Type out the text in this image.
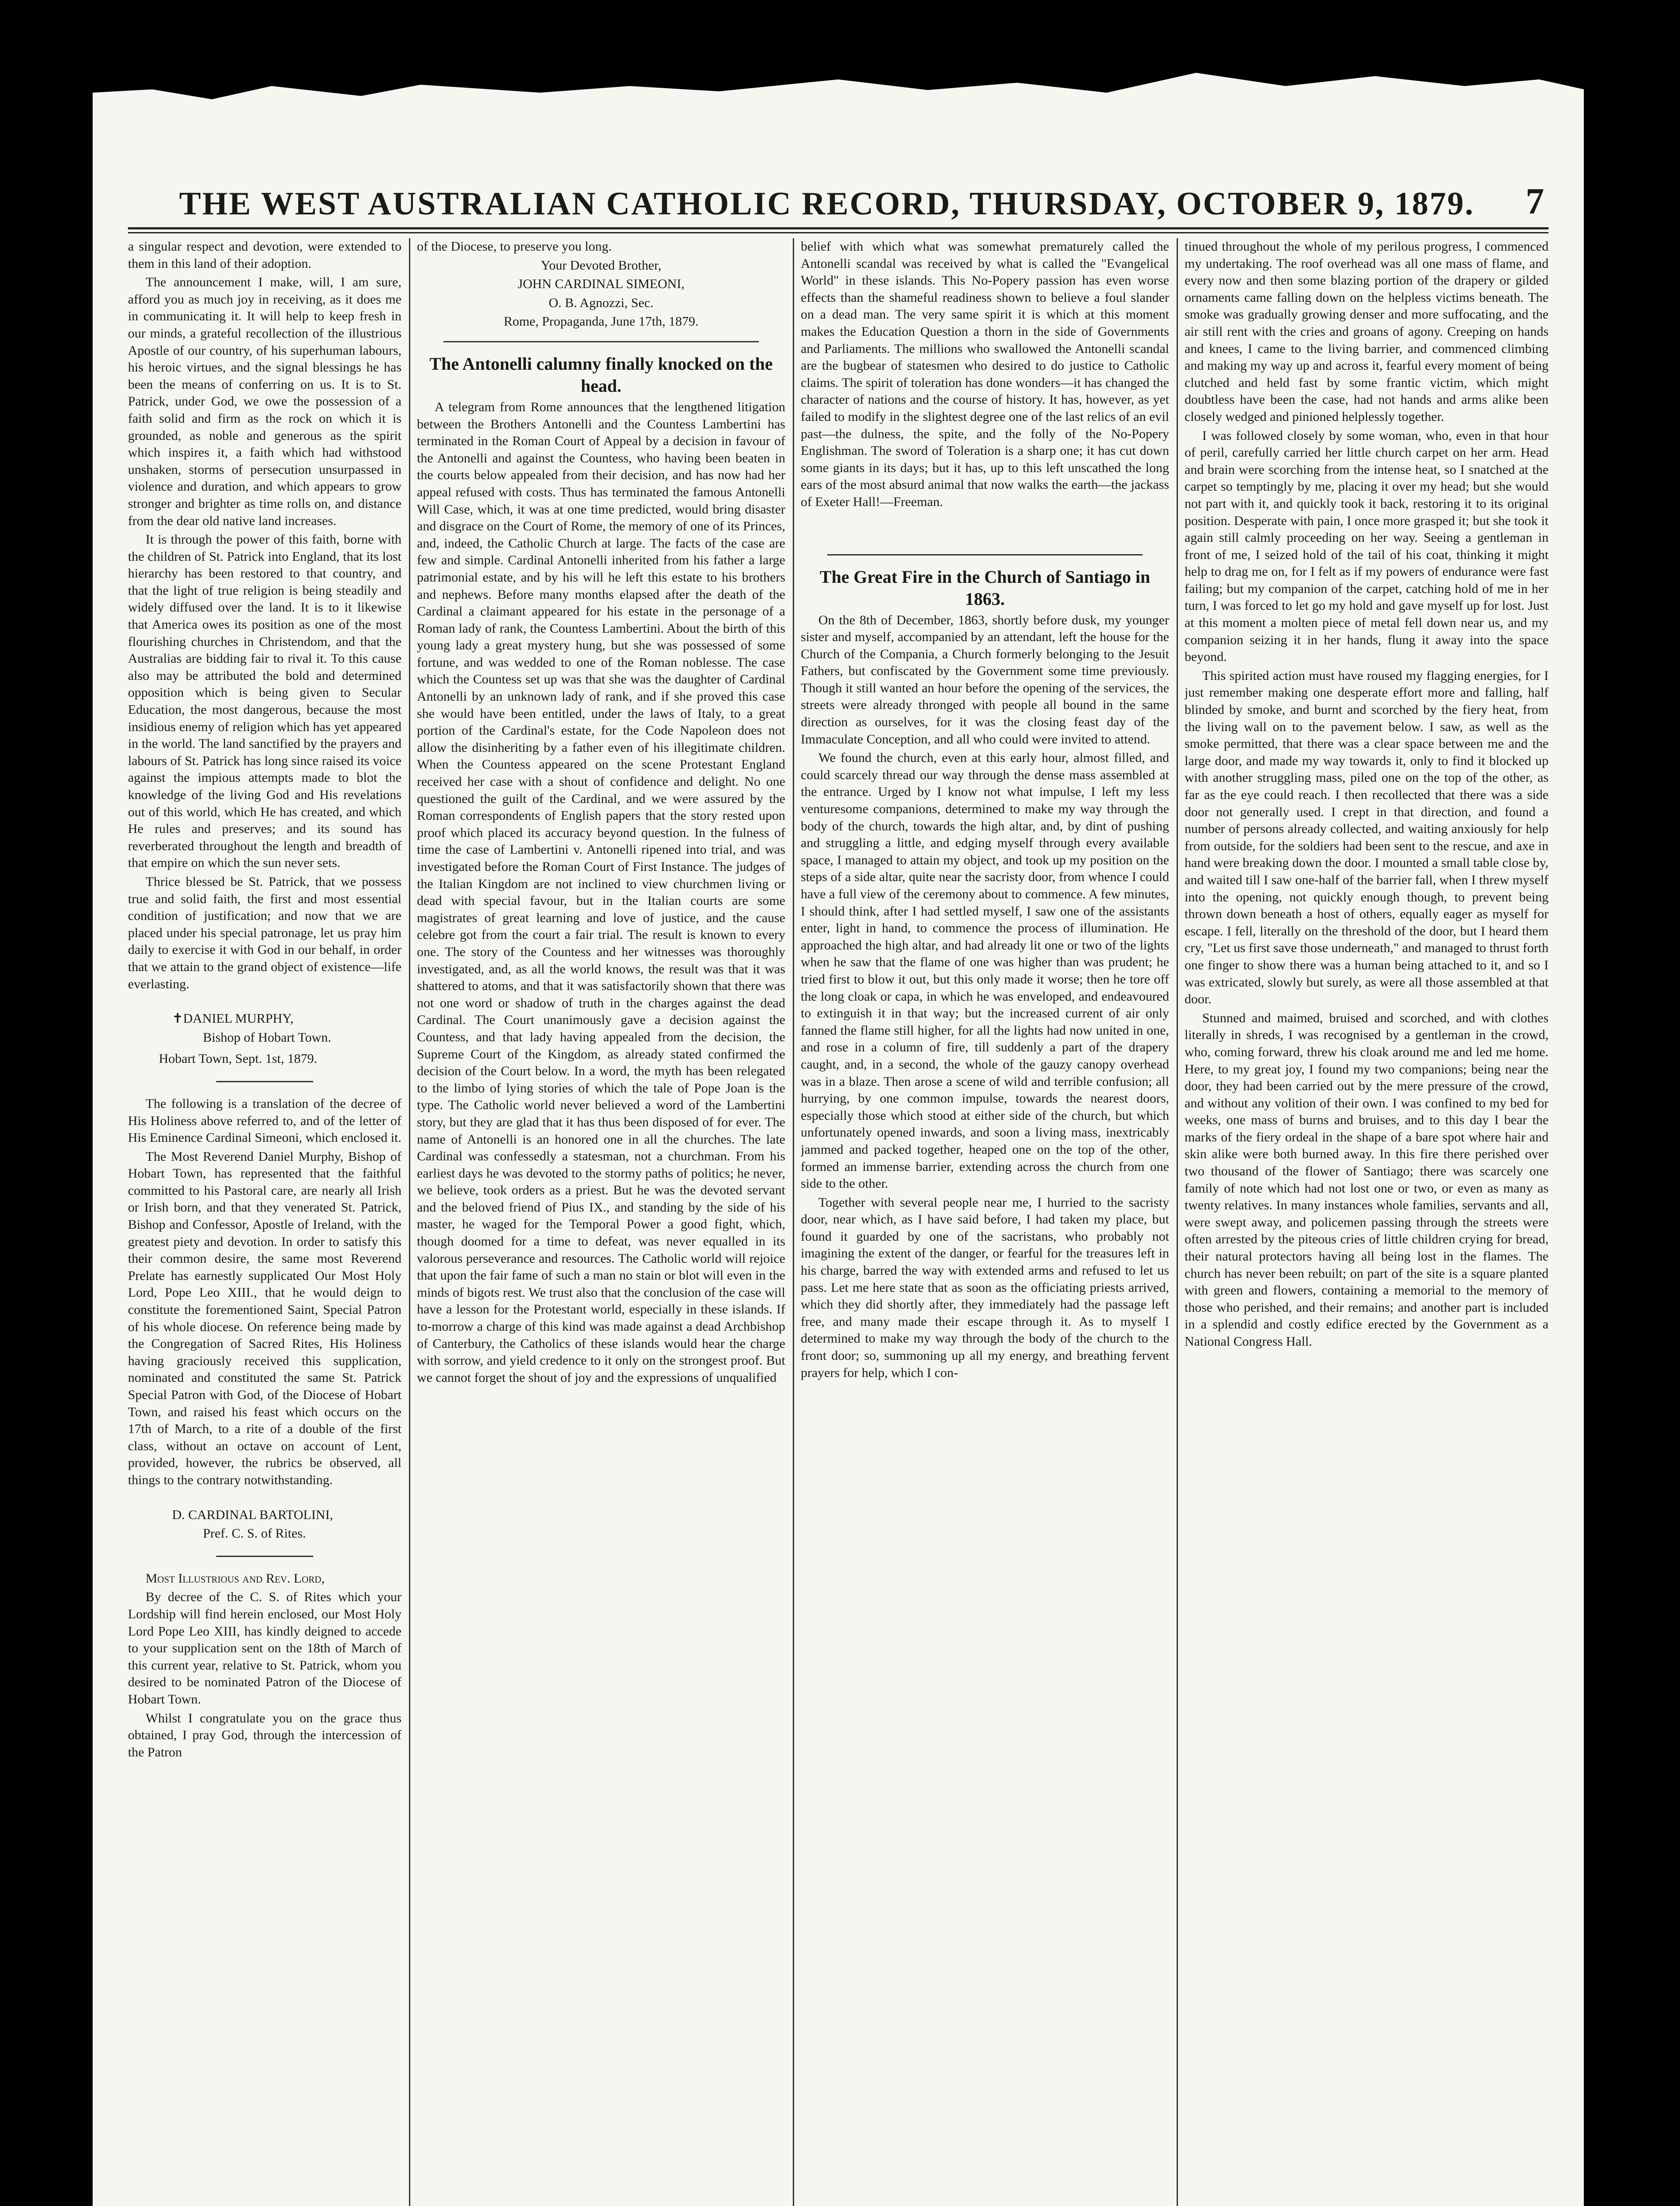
THE WEST AUSTRALIAN CATHOLIC RECORD, THURSDAY, OCTOBER 9, 1879.	7

a singular respect and devotion, were extended to them in this land of their adoption.

The announcement I make, will, I am sure, afford you as much joy in receiving, as it does me in communicating it. It will help to keep fresh in our minds, a grateful recollection of the illustrious Apostle of our country, of his superhuman labours, his heroic virtues, and the signal blessings he has been the means of conferring on us. It is to St. Patrick, under God, we owe the possession of a faith solid and firm as the rock on which it is grounded, as noble and generous as the spirit which inspires it, a faith which had withstood unshaken, storms of persecution unsurpassed in violence and duration, and which appears to grow stronger and brighter as time rolls on, and distance from the dear old native land increases.

It is through the power of this faith, borne with the children of St. Patrick into England, that its lost hierarchy has been restored to that country, and that the light of true religion is being steadily and widely diffused over the land. It is to it likewise that America owes its position as one of the most flourishing churches in Christendom, and that the Australias are bidding fair to rival it. To this cause also may be attributed the bold and determined opposition which is being given to Secular Education, the most dangerous, because the most insidious enemy of religion which has yet appeared in the world. The land sanctified by the prayers and labours of St. Patrick has long since raised its voice against the impious attempts made to blot the knowledge of the living God and His revelations out of this world, which He has created, and which He rules and preserves; and its sound has reverberated throughout the length and breadth of that empire on which the sun never sets.

Thrice blessed be St. Patrick, that we possess true and solid faith, the first and most essential condition of justification; and now that we are placed under his special patronage, let us pray him daily to exercise it with God in our behalf, in order that we attain to the grand object of existence—life everlasting.

✝DANIEL MURPHY,

Bishop of Hobart Town.

Hobart Town, Sept. 1st, 1879.

The following is a translation of the decree of His Holiness above referred to, and of the letter of His Eminence Cardinal Simeoni, which enclosed it.

The Most Reverend Daniel Murphy, Bishop of Hobart Town, has represented that the faithful committed to his Pastoral care, are nearly all Irish or Irish born, and that they venerated St. Patrick, Bishop and Confessor, Apostle of Ireland, with the greatest piety and devotion. In order to satisfy this their common desire, the same most Reverend Prelate has earnestly supplicated Our Most Holy Lord, Pope Leo XIII., that he would deign to constitute the forementioned Saint, Special Patron of his whole diocese. On reference being made by the Congregation of Sacred Rites, His Holiness having graciously received this supplication, nominated and constituted the same St. Patrick Special Patron with God, of the Diocese of Hobart Town, and raised his feast which occurs on the 17th of March, to a rite of a double of the first class, without an octave on account of Lent, provided, however, the rubrics be observed, all things to the contrary notwithstanding.

D. CARDINAL BARTOLINI,

Pref. C. S. of Rites.

Most Illustrious and Rev. Lord,

By decree of the C. S. of Rites which your Lordship will find herein enclosed, our Most Holy Lord Pope Leo XIII, has kindly deigned to accede to your supplication sent on the 18th of March of this current year, relative to St. Patrick, whom you desired to be nominated Patron of the Diocese of Hobart Town.

Whilst I congratulate you on the grace thus obtained, I pray God, through the intercession of the Patron

of the Diocese, to preserve you long.

Your Devoted Brother,

JOHN CARDINAL SIMEONI,

O. B. Agnozzi, Sec.

Rome, Propaganda, June 17th, 1879.

The Antonelli calumny finally knocked on the head.

A telegram from Rome announces that the lengthened litigation between the Brothers Antonelli and the Countess Lambertini has terminated in the Roman Court of Appeal by a decision in favour of the Antonelli and against the Countess, who having been beaten in the courts below appealed from their decision, and has now had her appeal refused with costs. Thus has terminated the famous Antonelli Will Case, which, it was at one time predicted, would bring disaster and disgrace on the Court of Rome, the memory of one of its Princes, and, indeed, the Catholic Church at large. The facts of the case are few and simple. Cardinal Antonelli inherited from his father a large patrimonial estate, and by his will he left this estate to his brothers and nephews. Before many months elapsed after the death of the Cardinal a claimant appeared for his estate in the personage of a Roman lady of rank, the Countess Lambertini. About the birth of this young lady a great mystery hung, but she was possessed of some fortune, and was wedded to one of the Roman noblesse. The case which the Countess set up was that she was the daughter of Cardinal Antonelli by an unknown lady of rank, and if she proved this case she would have been entitled, under the laws of Italy, to a great portion of the Cardinal's estate, for the Code Napoleon does not allow the disinheriting by a father even of his illegitimate children. When the Countess appeared on the scene Protestant England received her case with a shout of confidence and delight. No one questioned the guilt of the Cardinal, and we were assured by the Roman correspondents of English papers that the story rested upon proof which placed its accuracy beyond question. In the fulness of time the case of Lambertini v. Antonelli ripened into trial, and was investigated before the Roman Court of First Instance. The judges of the Italian Kingdom are not inclined to view churchmen living or dead with special favour, but in the Italian courts are some magistrates of great learning and love of justice, and the cause celebre got from the court a fair trial. The result is known to every one. The story of the Countess and her witnesses was thoroughly investigated, and, as all the world knows, the result was that it was shattered to atoms, and that it was satisfactorily shown that there was not one word or shadow of truth in the charges against the dead Cardinal. The Court unanimously gave a decision against the Countess, and that lady having appealed from the decision, the Supreme Court of the Kingdom, as already stated confirmed the decision of the Court below. In a word, the myth has been relegated to the limbo of lying stories of which the tale of Pope Joan is the type. The Catholic world never believed a word of the Lambertini story, but they are glad that it has thus been disposed of for ever. The name of Antonelli is an honored one in all the churches. The late Cardinal was confessedly a statesman, not a churchman. From his earliest days he was devoted to the stormy paths of politics; he never, we believe, took orders as a priest. But he was the devoted servant and the beloved friend of Pius IX., and standing by the side of his master, he waged for the Temporal Power a good fight, which, though doomed for a time to defeat, was never equalled in its valorous perseverance and resources. The Catholic world will rejoice that upon the fair fame of such a man no stain or blot will even in the minds of bigots rest. We trust also that the conclusion of the case will have a lesson for the Protestant world, especially in these islands. If to-morrow a charge of this kind was made against a dead Archbishop of Canterbury, the Catholics of these islands would hear the charge with sorrow, and yield credence to it only on the strongest proof. But we cannot forget the shout of joy and the expressions of unqualified

belief with which what was somewhat prematurely called the Antonelli scandal was received by what is called the "Evangelical World" in these islands. This No-Popery passion has even worse effects than the shameful readiness shown to believe a foul slander on a dead man. The very same spirit it is which at this moment makes the Education Question a thorn in the side of Governments and Parliaments. The millions who swallowed the Antonelli scandal are the bugbear of statesmen who desired to do justice to Catholic claims. The spirit of toleration has done wonders—it has changed the character of nations and the course of history. It has, however, as yet failed to modify in the slightest degree one of the last relics of an evil past—the dulness, the spite, and the folly of the No-Popery Englishman. The sword of Toleration is a sharp one; it has cut down some giants in its days; but it has, up to this left unscathed the long ears of the most absurd animal that now walks the earth—the jackass of Exeter Hall!—Freeman.

The Great Fire in the Church of Santiago in 1863.

On the 8th of December, 1863, shortly before dusk, my younger sister and myself, accompanied by an attendant, left the house for the Church of the Compania, a Church formerly belonging to the Jesuit Fathers, but confiscated by the Government some time previously. Though it still wanted an hour before the opening of the services, the streets were already thronged with people all bound in the same direction as ourselves, for it was the closing feast day of the Immaculate Conception, and all who could were invited to attend.

We found the church, even at this early hour, almost filled, and could scarcely thread our way through the dense mass assembled at the entrance. Urged by I know not what impulse, I left my less venturesome companions, determined to make my way through the body of the church, towards the high altar, and, by dint of pushing and struggling a little, and edging myself through every available space, I managed to attain my object, and took up my position on the steps of a side altar, quite near the sacristy door, from whence I could have a full view of the ceremony about to commence. A few minutes, I should think, after I had settled myself, I saw one of the assistants enter, light in hand, to commence the process of illumination. He approached the high altar, and had already lit one or two of the lights when he saw that the flame of one was higher than was prudent; he tried first to blow it out, but this only made it worse; then he tore off the long cloak or capa, in which he was enveloped, and endeavoured to extinguish it in that way; but the increased current of air only fanned the flame still higher, for all the lights had now united in one, and rose in a column of fire, till suddenly a part of the drapery caught, and, in a second, the whole of the gauzy canopy overhead was in a blaze. Then arose a scene of wild and terrible confusion; all hurrying, by one common impulse, towards the nearest doors, especially those which stood at either side of the church, but which unfortunately opened inwards, and soon a living mass, inextricably jammed and packed together, heaped one on the top of the other, formed an immense barrier, extending across the church from one side to the other.

Together with several people near me, I hurried to the sacristy door, near which, as I have said before, I had taken my place, but found it guarded by one of the sacristans, who probably not imagining the extent of the danger, or fearful for the treasures left in his charge, barred the way with extended arms and refused to let us pass. Let me here state that as soon as the officiating priests arrived, which they did shortly after, they immediately had the passage left free, and many made their escape through it. As to myself I determined to make my way through the body of the church to the front door; so, summoning up all my energy, and breathing fervent prayers for help, which I con-

tinued throughout the whole of my perilous progress, I commenced my undertaking. The roof overhead was all one mass of flame, and every now and then some blazing portion of the drapery or gilded ornaments came falling down on the helpless victims beneath. The smoke was gradually growing denser and more suffocating, and the air still rent with the cries and groans of agony. Creeping on hands and knees, I came to the living barrier, and commenced climbing and making my way up and across it, fearful every moment of being clutched and held fast by some frantic victim, which might doubtless have been the case, had not hands and arms alike been closely wedged and pinioned helplessly together.

I was followed closely by some woman, who, even in that hour of peril, carefully carried her little church carpet on her arm. Head and brain were scorching from the intense heat, so I snatched at the carpet so temptingly by me, placing it over my head; but she would not part with it, and quickly took it back, restoring it to its original position. Desperate with pain, I once more grasped it; but she took it again still calmly proceeding on her way. Seeing a gentleman in front of me, I seized hold of the tail of his coat, thinking it might help to drag me on, for I felt as if my powers of endurance were fast failing; but my companion of the carpet, catching hold of me in her turn, I was forced to let go my hold and gave myself up for lost. Just at this moment a molten piece of metal fell down near us, and my companion seizing it in her hands, flung it away into the space beyond.

This spirited action must have roused my flagging energies, for I just remember making one desperate effort more and falling, half blinded by smoke, and burnt and scorched by the fiery heat, from the living wall on to the pavement below. I saw, as well as the smoke permitted, that there was a clear space between me and the large door, and made my way towards it, only to find it blocked up with another struggling mass, piled one on the top of the other, as far as the eye could reach. I then recollected that there was a side door not generally used. I crept in that direction, and found a number of persons already collected, and waiting anxiously for help from outside, for the soldiers had been sent to the rescue, and axe in hand were breaking down the door. I mounted a small table close by, and waited till I saw one-half of the barrier fall, when I threw myself into the opening, not quickly enough though, to prevent being thrown down beneath a host of others, equally eager as myself for escape. I fell, literally on the threshold of the door, but I heard them cry, "Let us first save those underneath," and managed to thrust forth one finger to show there was a human being attached to it, and so I was extricated, slowly but surely, as were all those assembled at that door.

Stunned and maimed, bruised and scorched, and with clothes literally in shreds, I was recognised by a gentleman in the crowd, who, coming forward, threw his cloak around me and led me home. Here, to my great joy, I found my two companions; being near the door, they had been carried out by the mere pressure of the crowd, and without any volition of their own. I was confined to my bed for weeks, one mass of burns and bruises, and to this day I bear the marks of the fiery ordeal in the shape of a bare spot where hair and skin alike were both burned away. In this fire there perished over two thousand of the flower of Santiago; there was scarcely one family of note which had not lost one or two, or even as many as twenty relatives. In many instances whole families, servants and all, were swept away, and policemen passing through the streets were often arrested by the piteous cries of little children crying for bread, their natural protectors having all being lost in the flames. The church has never been rebuilt; on part of the site is a square planted with green and flowers, containing a memorial to the memory of those who perished, and their remains; and another part is included in a splendid and costly edifice erected by the Government as a National Congress Hall.
